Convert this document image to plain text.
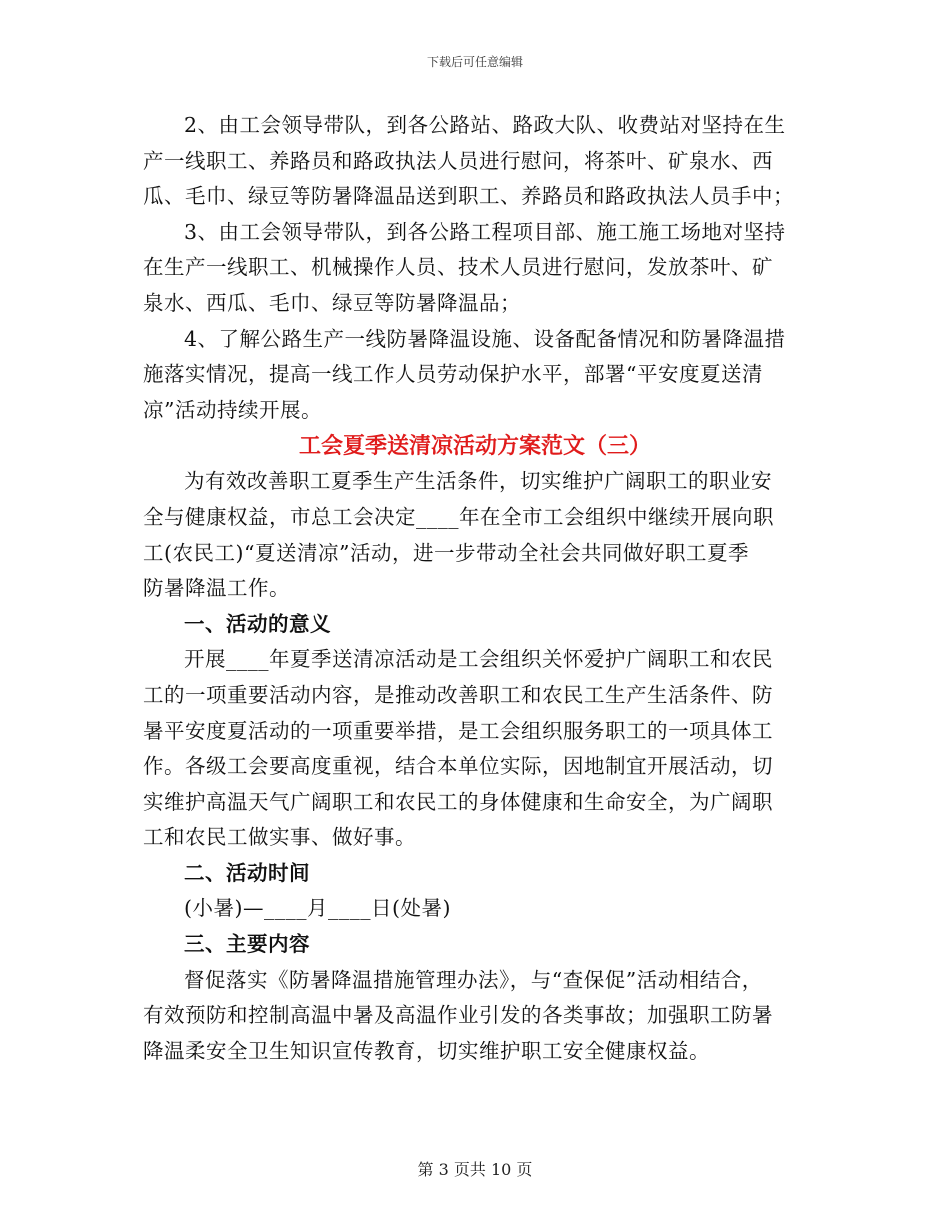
下载后可任意编辑
2、由工会领导带队，到各公路站、路政大队、收费站对坚持在生
产一线职工、养路员和路政执法人员进行慰问，将茶叶、矿泉水、西
瓜、毛巾、绿豆等防暑降温品送到职工、养路员和路政执法人员手中；
3、由工会领导带队，到各公路工程项目部、施工施工场地对坚持
在生产一线职工、机械操作人员、技术人员进行慰问，发放茶叶、矿
泉水、西瓜、毛巾、绿豆等防暑降温品；
4、了解公路生产一线防暑降温设施、设备配备情况和防暑降温措
施落实情况，提高一线工作人员劳动保护水平，部署“平安度夏送清
凉”活动持续开展。
工会夏季送清凉活动方案范文（三）
为有效改善职工夏季生产生活条件，切实维护广阔职工的职业安
全与健康权益，市总工会决定____年在全市工会组织中继续开展向职
工(农民工)“夏送清凉”活动，进一步带动全社会共同做好职工夏季
防暑降温工作。
一、活动的意义
开展____年夏季送清凉活动是工会组织关怀爱护广阔职工和农民
工的一项重要活动内容，是推动改善职工和农民工生产生活条件、防
暑平安度夏活动的一项重要举措，是工会组织服务职工的一项具体工
作。各级工会要高度重视，结合本单位实际，因地制宜开展活动，切
实维护高温天气广阔职工和农民工的身体健康和生命安全，为广阔职
工和农民工做实事、做好事。
二、活动时间
(小暑)—____月____日(处暑)
三、主要内容
督促落实《防暑降温措施管理办法》，与“查保促”活动相结合，
有效预防和控制高温中暑及高温作业引发的各类事故；加强职工防暑
降温柔安全卫生知识宣传教育，切实维护职工安全健康权益。
第 3 页共 10 页
